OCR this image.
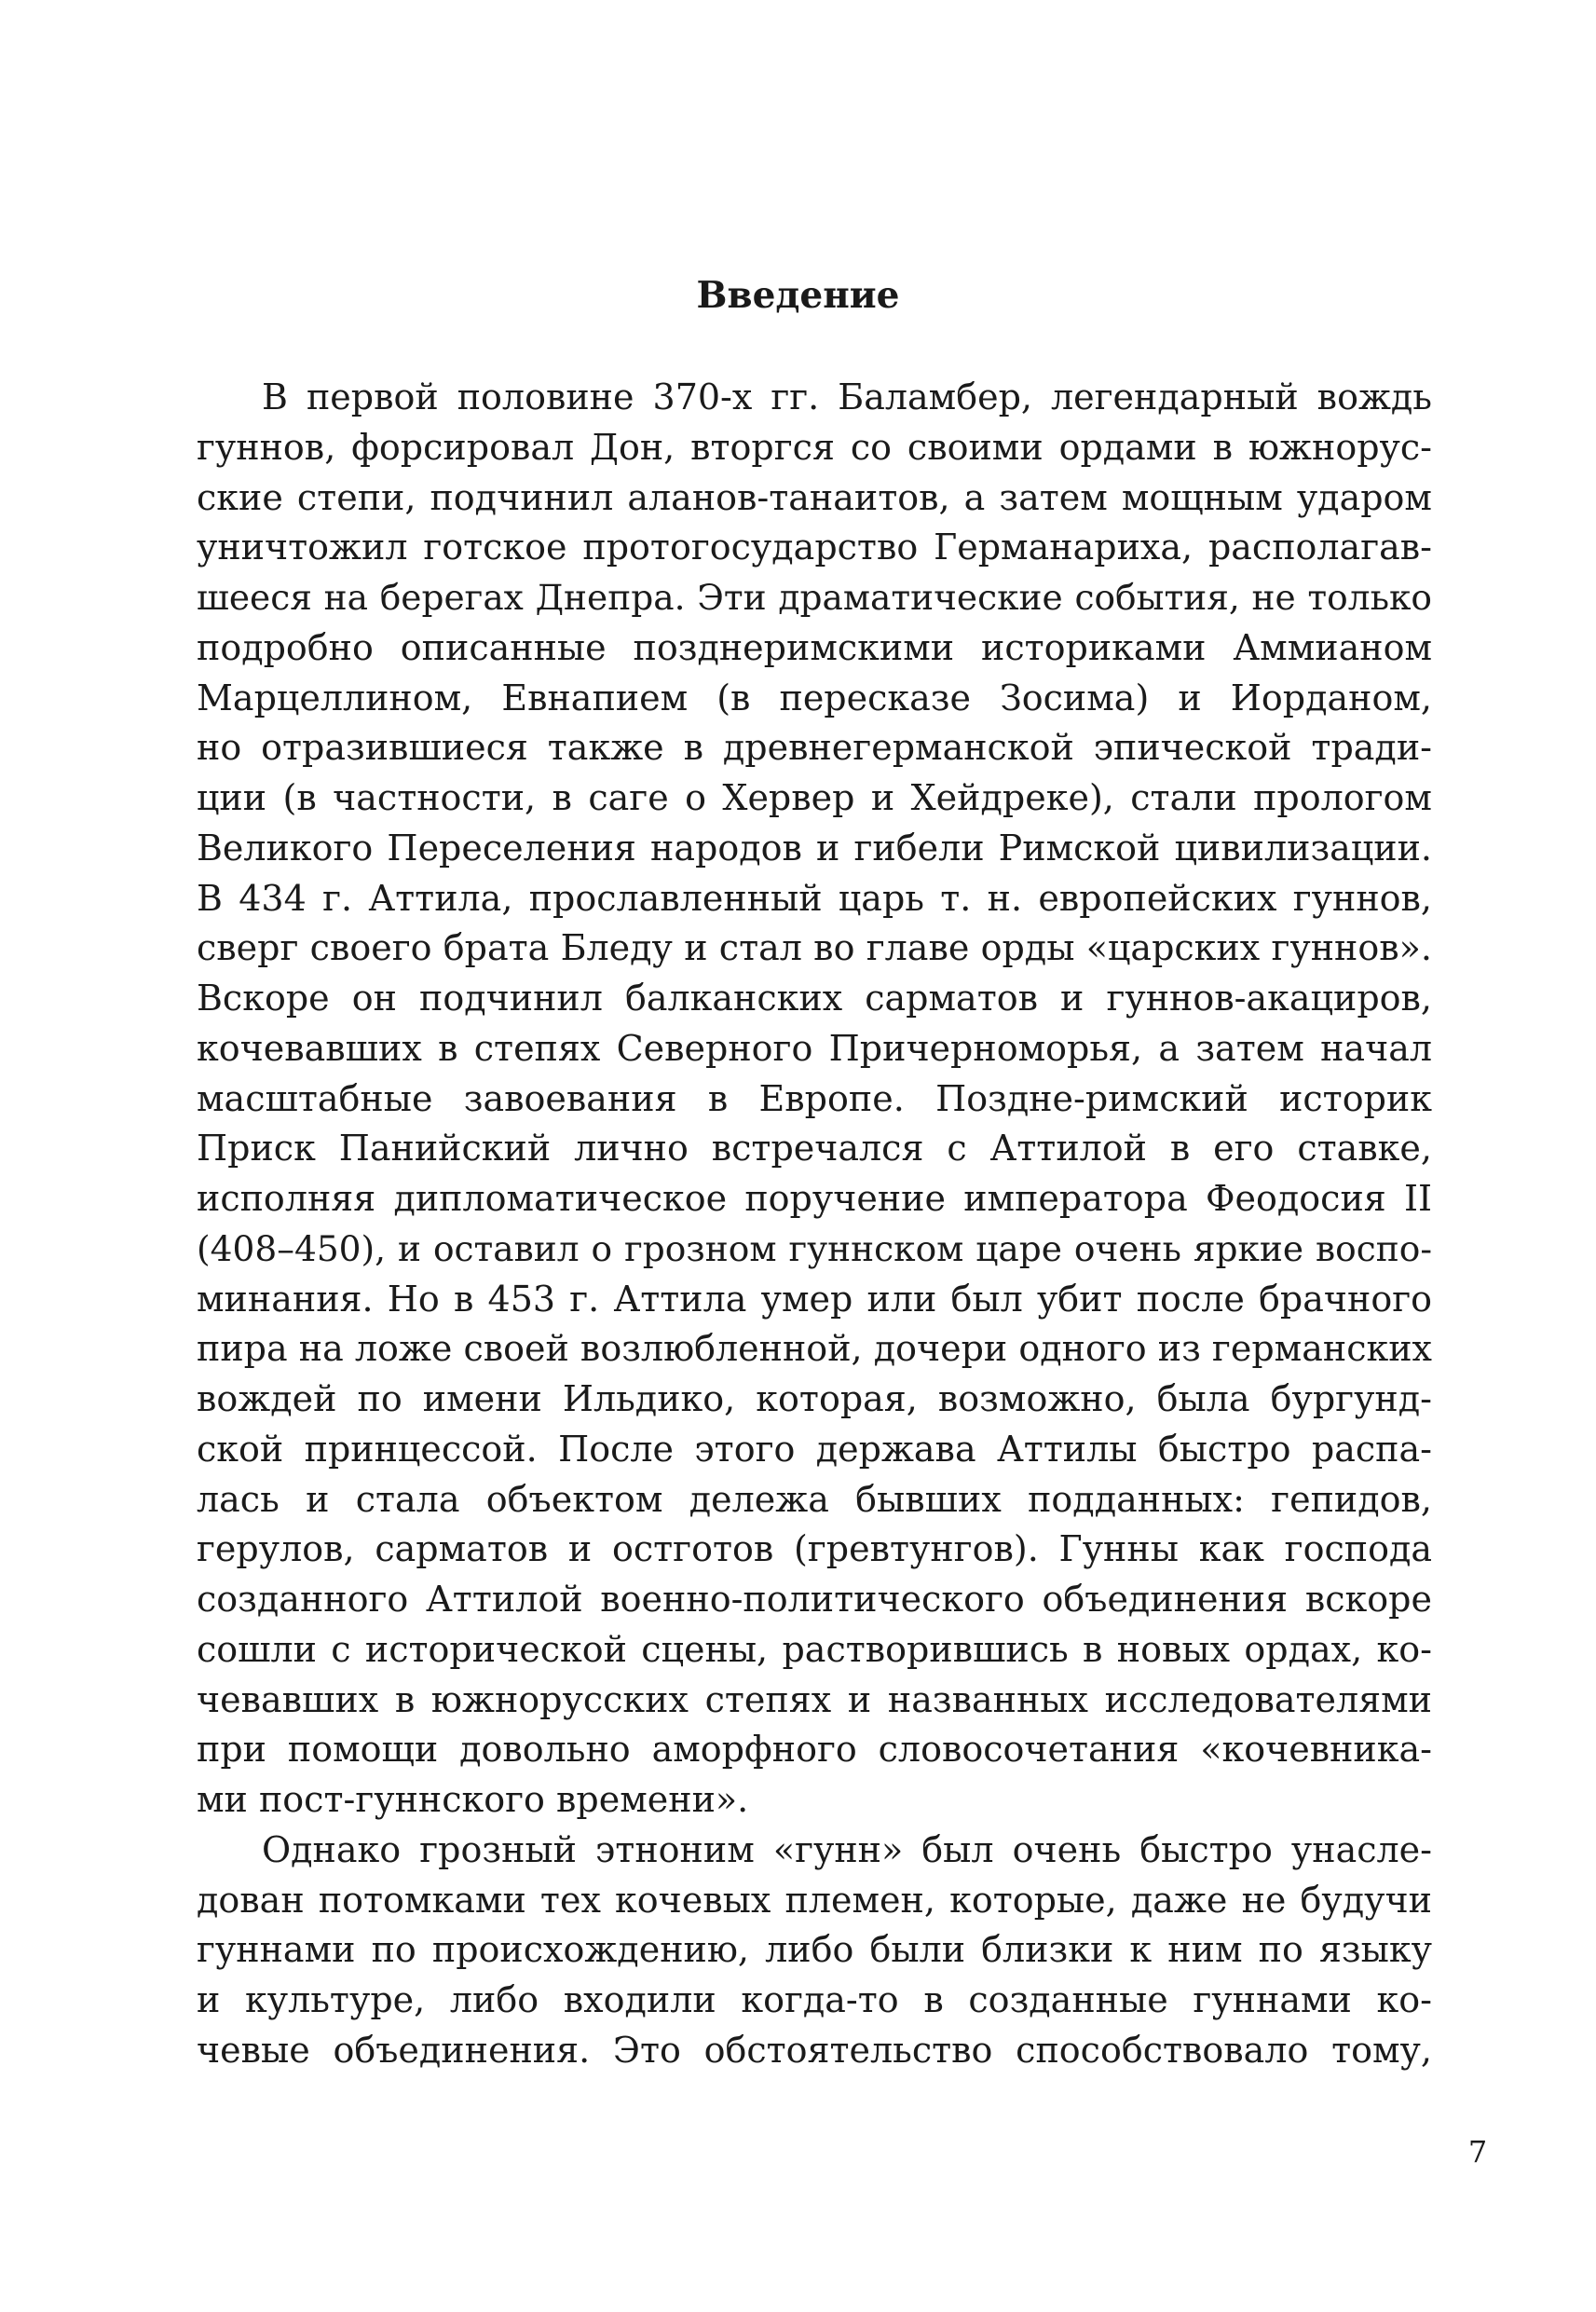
Введение
В первой половине 370-х гг. Баламбер, легендарный вождь
гуннов, форсировал Дон, вторгся со своими ордами в южнорус-
ские степи, подчинил аланов-танаитов, а затем мощным ударом
уничтожил готское протогосударство Германариха, располагав-
шееся на берегах Днепра. Эти драматические события, не только
подробно описанные позднеримскими историками Аммианом
Марцеллином, Евнапием (в пересказе Зосима) и Иорданом,
но отразившиеся также в древнегерманской эпической тради-
ции (в частности, в саге о Хервер и Хейдреке), стали прологом
Великого Переселения народов и гибели Римской цивилизации.
В 434 г. Аттила, прославленный царь т. н. европейских гуннов,
сверг своего брата Бледу и стал во главе орды «царских гуннов».
Вскоре он подчинил балканских сарматов и гуннов-акациров,
кочевавших в степях Северного Причерноморья, а затем начал
масштабные завоевания в Европе. Поздне-римский историк
Приск Панийский лично встречался с Аттилой в его ставке,
исполняя дипломатическое поручение императора Феодосия II
(408–450), и оставил о грозном гуннском царе очень яркие воспо-
минания. Но в 453 г. Аттила умер или был убит после брачного
пира на ложе своей возлюбленной, дочери одного из германских
вождей по имени Ильдико, которая, возможно, была бургунд-
ской принцессой. После этого держава Аттилы быстро распа-
лась и стала объектом дележа бывших подданных: гепидов,
герулов, сарматов и остготов (гревтунгов). Гунны как господа
созданного Аттилой военно-политического объединения вскоре
сошли с исторической сцены, растворившись в новых ордах, ко-
чевавших в южнорусских степях и названных исследователями
при помощи довольно аморфного словосочетания «кочевника-
ми пост-гуннского времени».
Однако грозный этноним «гунн» был очень быстро унасле-
дован потомками тех кочевых племен, которые, даже не будучи
гуннами по происхождению, либо были близки к ним по языку
и культуре, либо входили когда-то в созданные гуннами ко-
чевые объединения. Это обстоятельство способствовало тому,

7
